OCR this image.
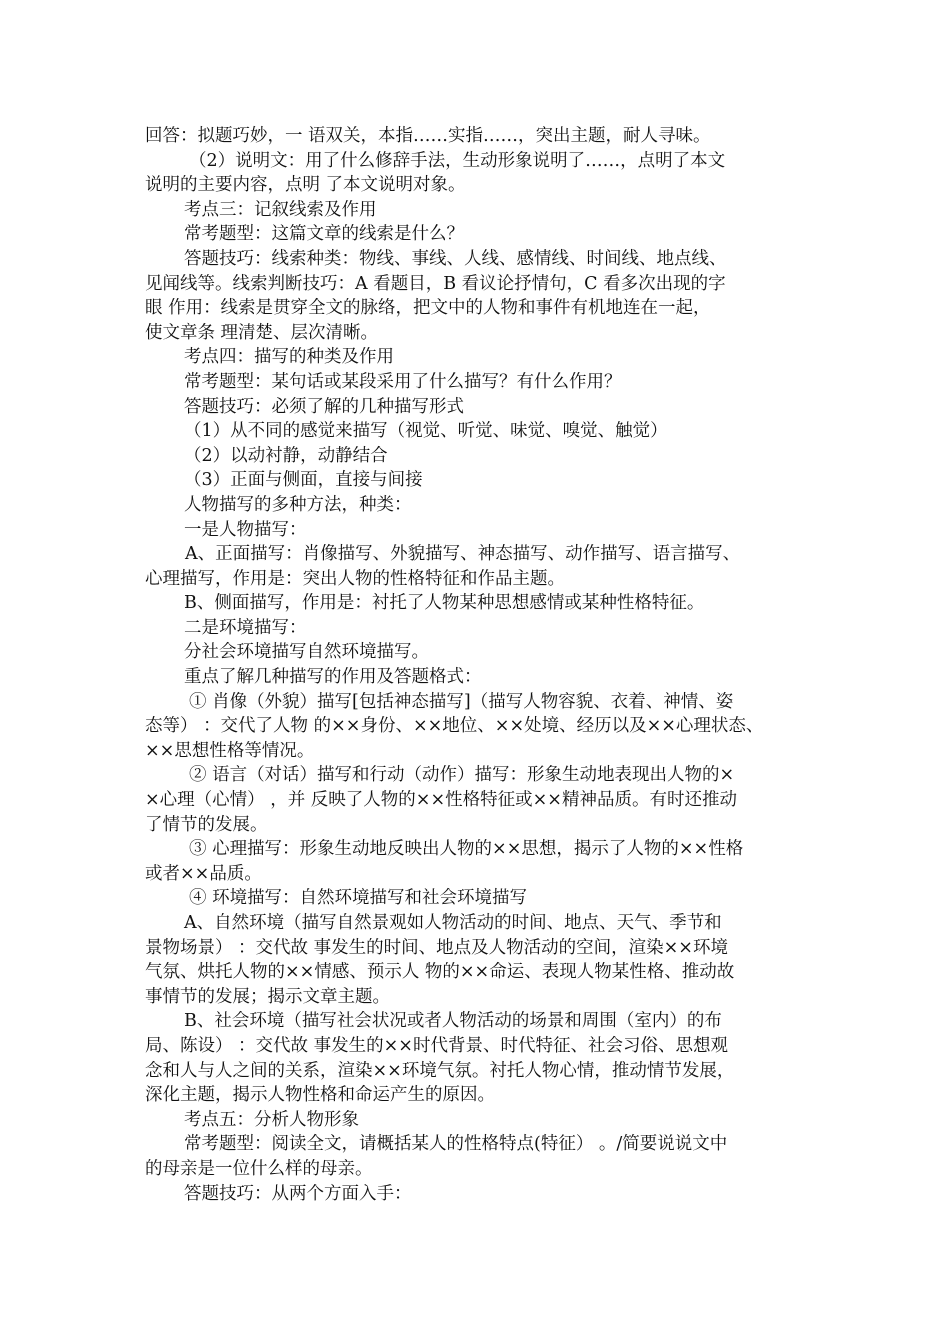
回答：拟题巧妙，一 语双关，本指……实指……，突出主题，耐人寻味。
（2）说明文：用了什么修辞手法，生动形象说明了……，点明了本文
说明的主要内容，点明 了本文说明对象。
考点三：记叙线索及作用
常考题型：这篇文章的线索是什么？
答题技巧：线索种类：物线、事线、人线、感情线、时间线、地点线、
见闻线等。线索判断技巧：A 看题目，B 看议论抒情句，C 看多次出现的字
眼 作用：线索是贯穿全文的脉络，把文中的人物和事件有机地连在一起，
使文章条 理清楚、层次清晰。
考点四：描写的种类及作用
常考题型：某句话或某段采用了什么描写？有什么作用？
答题技巧：必须了解的几种描写形式
（1）从不同的感觉来描写（视觉、听觉、味觉、嗅觉、触觉）
（2）以动衬静，动静结合
（3）正面与侧面，直接与间接
人物描写的多种方法，种类：
一是人物描写：
A、正面描写：肖像描写、外貌描写、神态描写、动作描写、语言描写、
心理描写，作用是：突出人物的性格特征和作品主题。
B、侧面描写，作用是：衬托了人物某种思想感情或某种性格特征。
二是环境描写：
分社会环境描写自然环境描写。
重点了解几种描写的作用及答题格式：
① 肖像（外貌）描写[包括神态描写]（描写人物容貌、衣着、神情、姿
态等） ：交代了人物 的××身份、××地位、××处境、经历以及××心理状态、
××思想性格等情况。
② 语言（对话）描写和行动（动作）描写：形象生动地表现出人物的×
×心理（心情） ，并 反映了人物的××性格特征或××精神品质。有时还推动
了情节的发展。
③ 心理描写：形象生动地反映出人物的××思想，揭示了人物的××性格
或者××品质。
④ 环境描写：自然环境描写和社会环境描写
A、自然环境（描写自然景观如人物活动的时间、地点、天气、季节和
景物场景） ：交代故 事发生的时间、地点及人物活动的空间，渲染××环境
气氛、烘托人物的××情感、预示人 物的××命运、表现人物某性格、推动故
事情节的发展；揭示文章主题。
B、社会环境（描写社会状况或者人物活动的场景和周围（室内）的布
局、陈设） ：交代故 事发生的××时代背景、时代特征、社会习俗、思想观
念和人与人之间的关系，渲染××环境气氛。衬托人物心情，推动情节发展，
深化主题，揭示人物性格和命运产生的原因。
考点五：分析人物形象
常考题型：阅读全文，请概括某人的性格特点(特征） 。/简要说说文中
的母亲是一位什么样的母亲。
答题技巧：从两个方面入手：
